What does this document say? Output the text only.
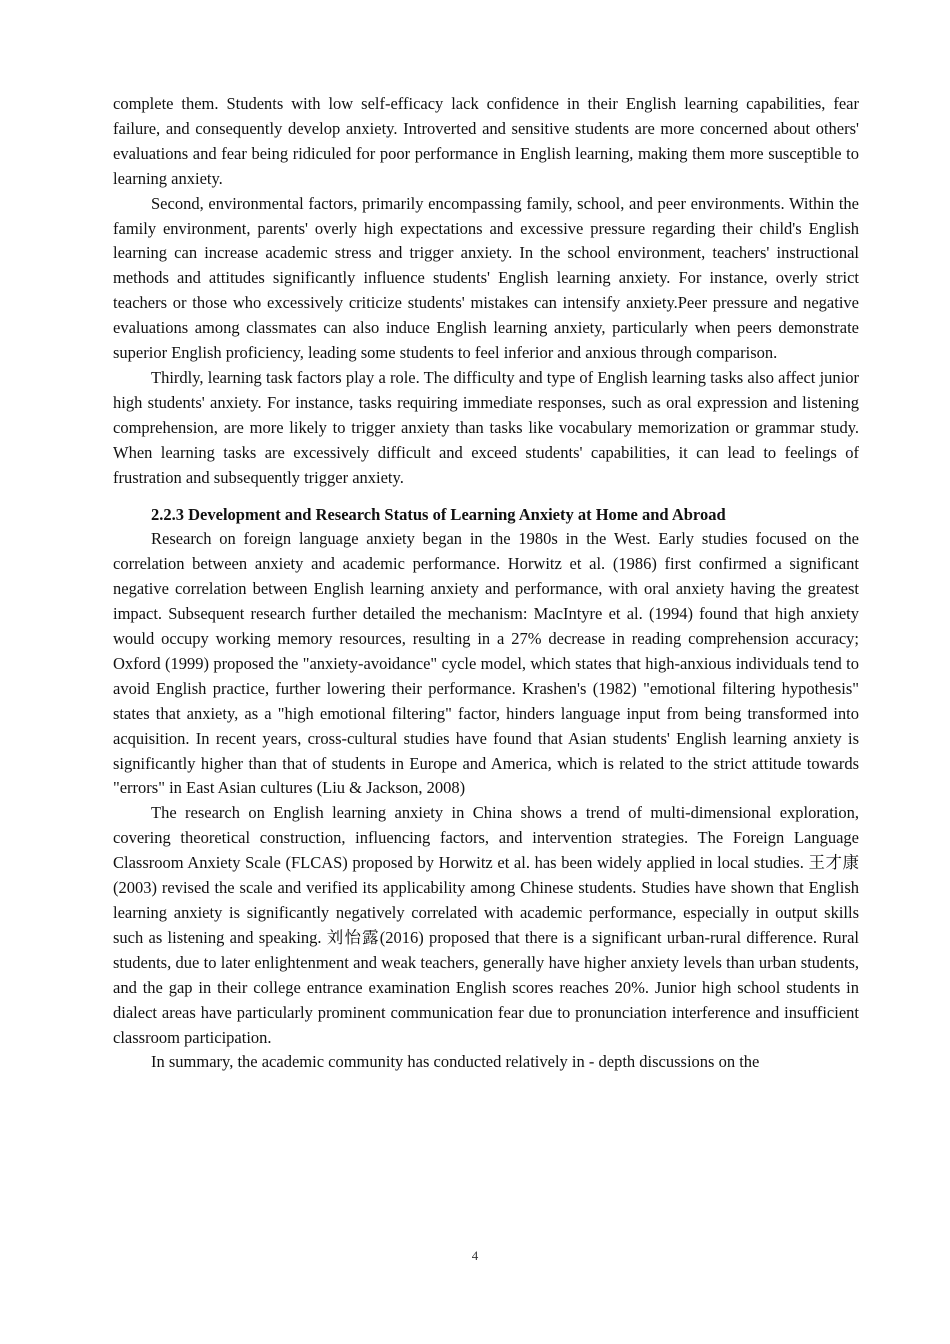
complete them. Students with low self-efficacy lack confidence in their English learning capabilities, fear failure, and consequently develop anxiety. Introverted and sensitive students are more concerned about others' evaluations and fear being ridiculed for poor performance in English learning, making them more susceptible to learning anxiety.

Second, environmental factors, primarily encompassing family, school, and peer environments. Within the family environment, parents' overly high expectations and excessive pressure regarding their child's English learning can increase academic stress and trigger anxiety. In the school environment, teachers' instructional methods and attitudes significantly influence students' English learning anxiety. For instance, overly strict teachers or those who excessively criticize students' mistakes can intensify anxiety.Peer pressure and negative evaluations among classmates can also induce English learning anxiety, particularly when peers demonstrate superior English proficiency, leading some students to feel inferior and anxious through comparison.

Thirdly, learning task factors play a role. The difficulty and type of English learning tasks also affect junior high students' anxiety. For instance, tasks requiring immediate responses, such as oral expression and listening comprehension, are more likely to trigger anxiety than tasks like vocabulary memorization or grammar study. When learning tasks are excessively difficult and exceed students' capabilities, it can lead to feelings of frustration and subsequently trigger anxiety.

2.2.3 Development and Research Status of Learning Anxiety at Home and Abroad

Research on foreign language anxiety began in the 1980s in the West. Early studies focused on the correlation between anxiety and academic performance. Horwitz et al. (1986) first confirmed a significant negative correlation between English learning anxiety and performance, with oral anxiety having the greatest impact. Subsequent research further detailed the mechanism: MacIntyre et al. (1994) found that high anxiety would occupy working memory resources, resulting in a 27% decrease in reading comprehension accuracy; Oxford (1999) proposed the "anxiety-avoidance" cycle model, which states that high-anxious individuals tend to avoid English practice, further lowering their performance. Krashen's (1982) "emotional filtering hypothesis" states that anxiety, as a "high emotional filtering" factor, hinders language input from being transformed into acquisition. In recent years, cross-cultural studies have found that Asian students' English learning anxiety is significantly higher than that of students in Europe and America, which is related to the strict attitude towards "errors" in East Asian cultures (Liu & Jackson, 2008)

The research on English learning anxiety in China shows a trend of multi-dimensional exploration, covering theoretical construction, influencing factors, and intervention strategies. The Foreign Language Classroom Anxiety Scale (FLCAS) proposed by Horwitz et al. has been widely applied in local studies. 王才康(2003) revised the scale and verified its applicability among Chinese students. Studies have shown that English learning anxiety is significantly negatively correlated with academic performance, especially in output skills such as listening and speaking. 刘怡露(2016) proposed that there is a significant urban-rural difference. Rural students, due to later enlightenment and weak teachers, generally have higher anxiety levels than urban students, and the gap in their college entrance examination English scores reaches 20%. Junior high school students in dialect areas have particularly prominent communication fear due to pronunciation interference and insufficient classroom participation.

In summary, the academic community has conducted relatively in - depth discussions on the

4
